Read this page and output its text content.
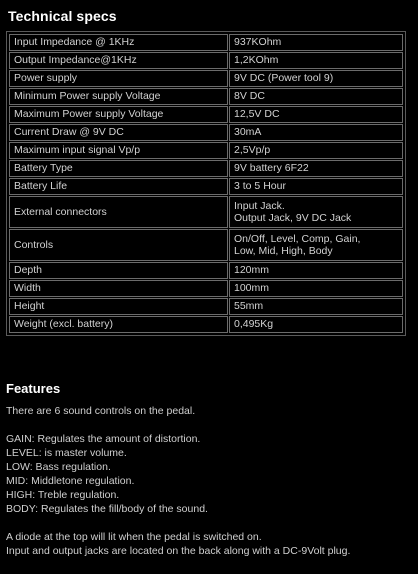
Technical specs
Input Impedance @ 1KHz	937KOhm
Output Impedance@1KHz	1,2KOhm
Power supply	9V DC (Power tool 9)
Minimum Power supply Voltage	8V DC
Maximum Power supply Voltage	12,5V DC
Current Draw @ 9V DC	30mA
Maximum input signal Vp/p	2,5Vp/p
Battery Type	9V battery 6F22
Battery Life	3 to 5 Hour
External connectors	Input Jack.
Output Jack, 9V DC Jack

Controls	On/Off, Level, Comp, Gain,
Low, Mid, High, Body

Depth	120mm
Width	100mm
Height	55mm
Weight (excl. battery)	0,495Kg
Features

There are 6 sound controls on the pedal.

GAIN: Regulates the amount of distortion.

LEVEL: is master volume.

LOW: Bass regulation.

MID: Middletone regulation.

HIGH: Treble regulation.

BODY: Regulates the fill/body of the sound.

A diode at the top will lit when the pedal is switched on.

Input and output jacks are located on the back along with a DC-9Volt plug.
